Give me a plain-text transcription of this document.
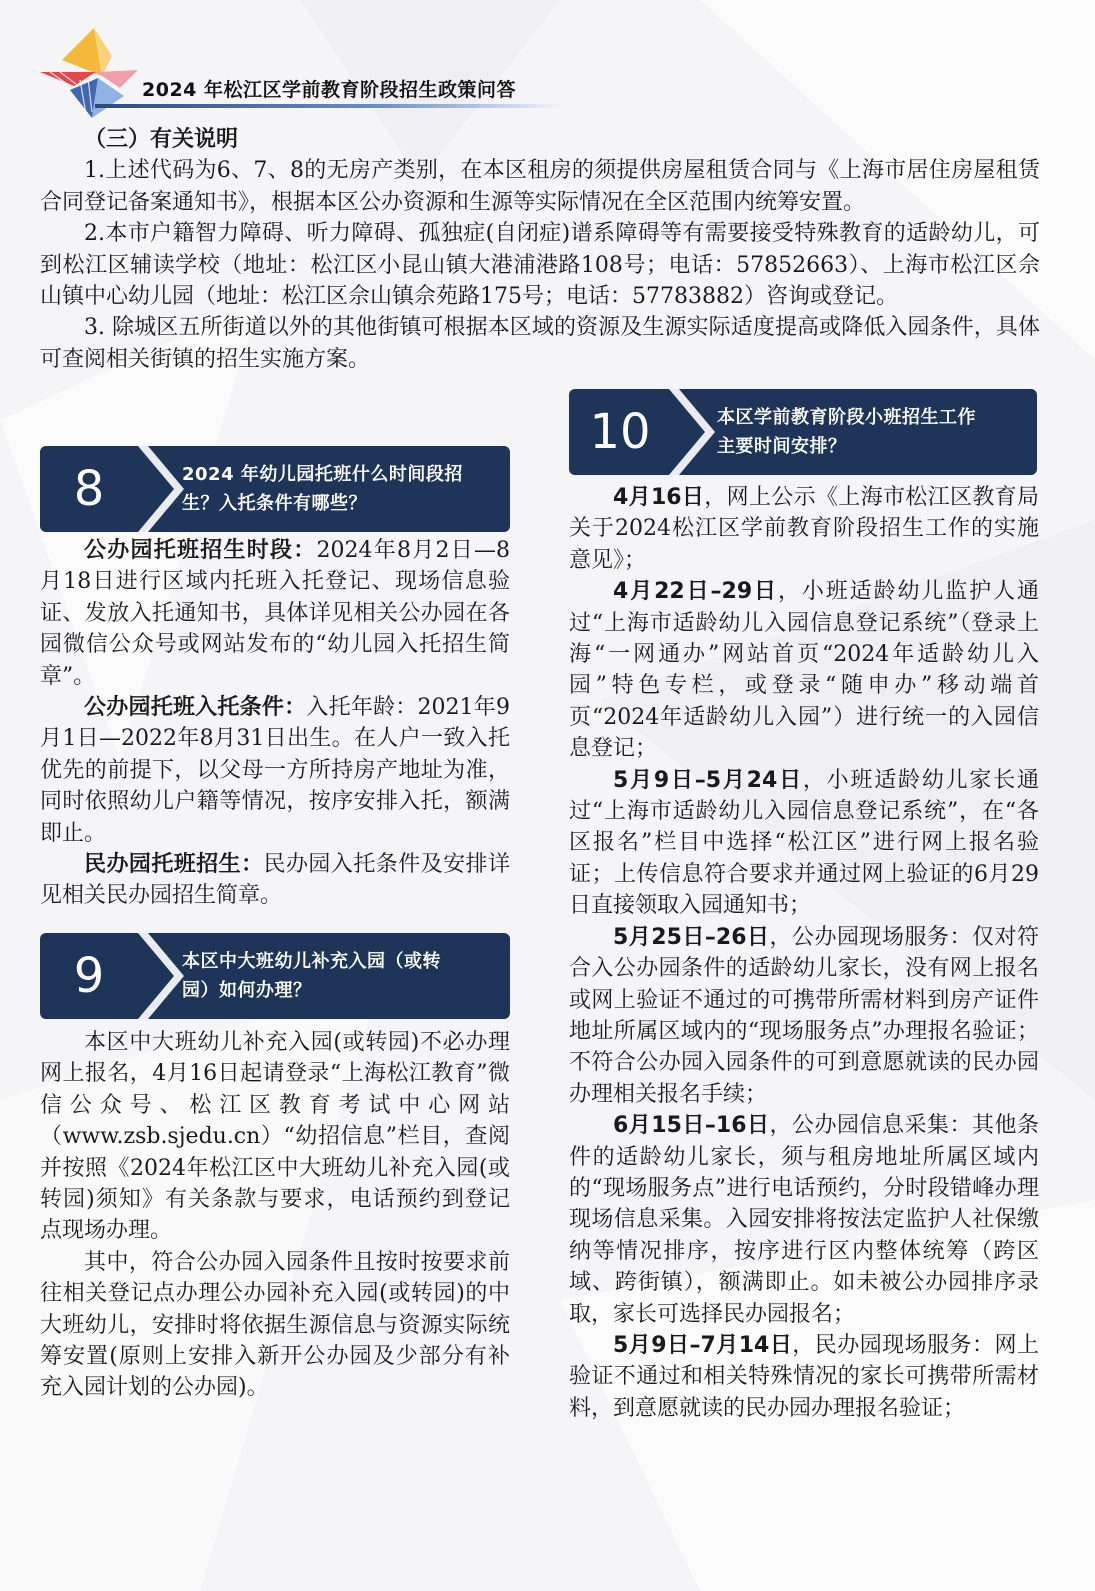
2024 年松江区学前教育阶段招生政策问答

（三）有关说明

1.上述代码为6、7、8的无房产类别，在本区租房的须提供房屋租赁合同与《上海市居住房屋租赁合同登记备案通知书》，根据本区公办资源和生源等实际情况在全区范围内统筹安置。

2.本市户籍智力障碍、听力障碍、孤独症(自闭症)谱系障碍等有需要接受特殊教育的适龄幼儿，可到松江区辅读学校（地址：松江区小昆山镇大港浦港路108号；电话：57852663）、上海市松江区佘山镇中心幼儿园（地址：松江区佘山镇佘苑路175号；电话：57783882）咨询或登记。

3. 除城区五所街道以外的其他街镇可根据本区域的资源及生源实际适度提高或降低入园条件，具体可查阅相关街镇的招生实施方案。

8	2024 年幼儿园托班什么时间段招
生？入托条件有哪些？

公办园托班招生时段：2024年8月2日—8月18日进行区域内托班入托登记、现场信息验证、发放入托通知书，具体详见相关公办园在各园微信公众号或网站发布的“幼儿园入托招生简章”。

公办园托班入托条件：入托年龄：2021年9月1日—2022年8月31日出生。在人户一致入托优先的前提下，以父母一方所持房产地址为准，同时依照幼儿户籍等情况，按序安排入托，额满即止。

民办园托班招生：民办园入托条件及安排详见相关民办园招生简章。

9	本区中大班幼儿补充入园（或转
园）如何办理？

本区中大班幼儿补充入园(或转园)不必办理网上报名，4月16日起请登录“上海松江教育”微信公众号、松江区教育考试中心网站（www.zsb.sjedu.cn）“幼招信息”栏目，查阅并按照《2024年松江区中大班幼儿补充入园(或转园)须知》有关条款与要求，电话预约到登记点现场办理。

其中，符合公办园入园条件且按时按要求前往相关登记点办理公办园补充入园(或转园)的中大班幼儿，安排时将依据生源信息与资源实际统筹安置(原则上安排入新开公办园及少部分有补充入园计划的公办园)。

10	本区学前教育阶段小班招生工作
主要时间安排？

4月16日，网上公示《上海市松江区教育局关于2024松江区学前教育阶段招生工作的实施意见》；

4月22日–29日，小班适龄幼儿监护人通过“上海市适龄幼儿入园信息登记系统”（登录上海“一网通办”网站首页“2024年适龄幼儿入园”特色专栏，或登录“随申办”移动端首页“2024年适龄幼儿入园”）进行统一的入园信息登记；

5月9日–5月24日，小班适龄幼儿家长通过“上海市适龄幼儿入园信息登记系统”，在“各区报名”栏目中选择“松江区”进行网上报名验证；上传信息符合要求并通过网上验证的6月29日直接领取入园通知书；

5月25日–26日，公办园现场服务：仅对符合入公办园条件的适龄幼儿家长，没有网上报名或网上验证不通过的可携带所需材料到房产证件地址所属区域内的“现场服务点”办理报名验证；不符合公办园入园条件的可到意愿就读的民办园办理相关报名手续；

6月15日–16日，公办园信息采集：其他条件的适龄幼儿家长，须与租房地址所属区域内的“现场服务点”进行电话预约，分时段错峰办理现场信息采集。入园安排将按法定监护人社保缴纳等情况排序，按序进行区内整体统筹（跨区域、跨街镇），额满即止。如未被公办园排序录取，家长可选择民办园报名；

5月9日–7月14日，民办园现场服务：网上验证不通过和相关特殊情况的家长可携带所需材料，到意愿就读的民办园办理报名验证；
